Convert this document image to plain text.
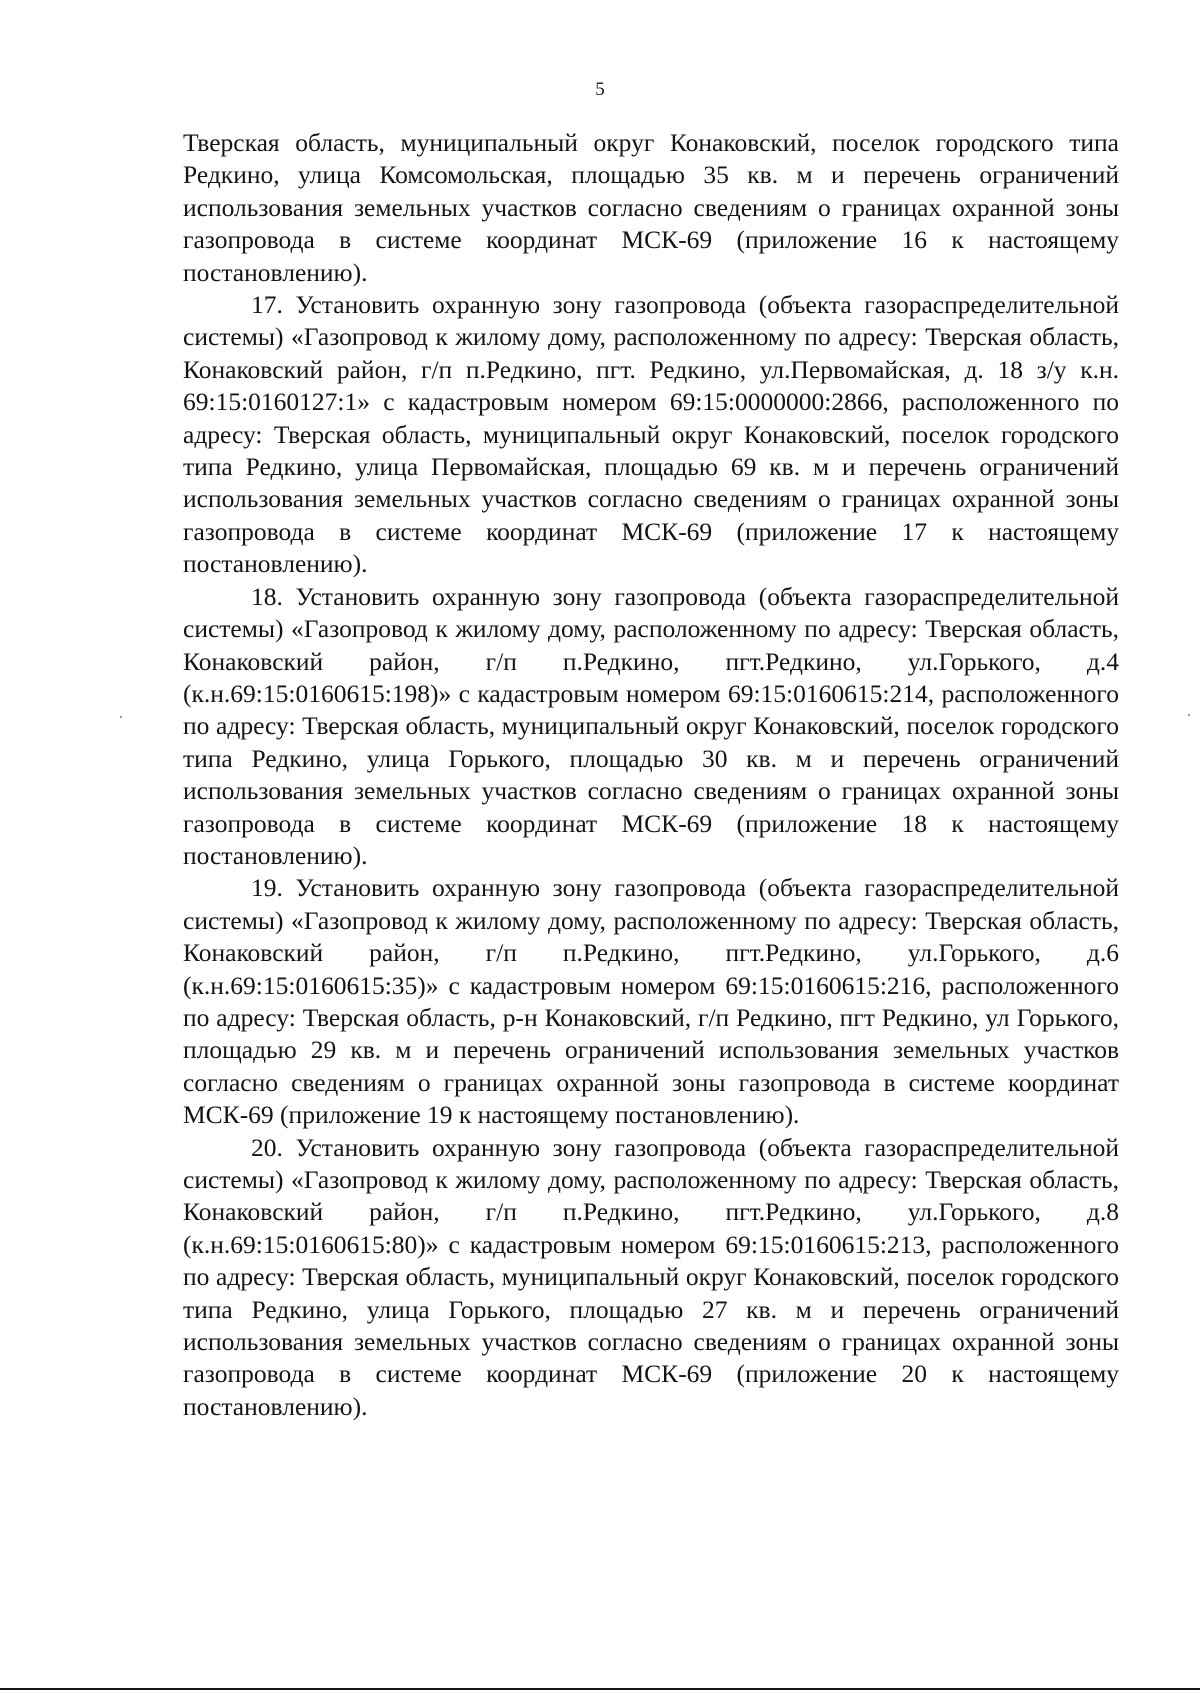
5

Тверская область, муниципальный округ Конаковский, поселок городского типа Редкино, улица Комсомольская, площадью 35 кв. м и перечень ограничений использования земельных участков согласно сведениям о границах охранной зоны газопровода в системе координат МСК-69 (приложение 16 к настоящему постановлению).

17. Установить охранную зону газопровода (объекта газораспределительной системы) «Газопровод к жилому дому, расположенному по адресу: Тверская область, Конаковский район, г/п п.Редкино, пгт. Редкино, ул.Первомайская, д. 18 з/у к.н. 69:15:0160127:1» с кадастровым номером 69:15:0000000:2866, расположенного по адресу: Тверская область, муниципальный округ Конаковский, поселок городского типа Редкино, улица Первомайская, площадью 69 кв. м и перечень ограничений использования земельных участков согласно сведениям о границах охранной зоны газопровода в системе координат МСК-69 (приложение 17 к настоящему постановлению).

18. Установить охранную зону газопровода (объекта газораспределительной системы) «Газопровод к жилому дому, расположенному по адресу: Тверская область, Конаковский район, г/п п.Редкино, пгт.Редкино, ул.Горького, д.4 (к.н.69:15:0160615:198)» с кадастровым номером 69:15:0160615:214, расположенного по адресу: Тверская область, муниципальный округ Конаковский, поселок городского типа Редкино, улица Горького, площадью 30 кв. м и перечень ограничений использования земельных участков согласно сведениям о границах охранной зоны газопровода в системе координат МСК-69 (приложение 18 к настоящему постановлению).

19. Установить охранную зону газопровода (объекта газораспределительной системы) «Газопровод к жилому дому, расположенному по адресу: Тверская область, Конаковский район, г/п п.Редкино, пгт.Редкино, ул.Горького, д.6 (к.н.69:15:0160615:35)» с кадастровым номером 69:15:0160615:216, расположенного по адресу: Тверская область, р-н Конаковский, г/п Редкино, пгт Редкино, ул Горького, площадью 29 кв. м и перечень ограничений использования земельных участков согласно сведениям о границах охранной зоны газопровода в системе координат МСК-69 (приложение 19 к настоящему постановлению).

20. Установить охранную зону газопровода (объекта газораспределительной системы) «Газопровод к жилому дому, расположенному по адресу: Тверская область, Конаковский район, г/п п.Редкино, пгт.Редкино, ул.Горького, д.8 (к.н.69:15:0160615:80)» с кадастровым номером 69:15:0160615:213, расположенного по адресу: Тверская область, муниципальный округ Конаковский, поселок городского типа Редкино, улица Горького, площадью 27 кв. м и перечень ограничений использования земельных участков согласно сведениям о границах охранной зоны газопровода в системе координат МСК-69 (приложение 20 к настоящему постановлению).
